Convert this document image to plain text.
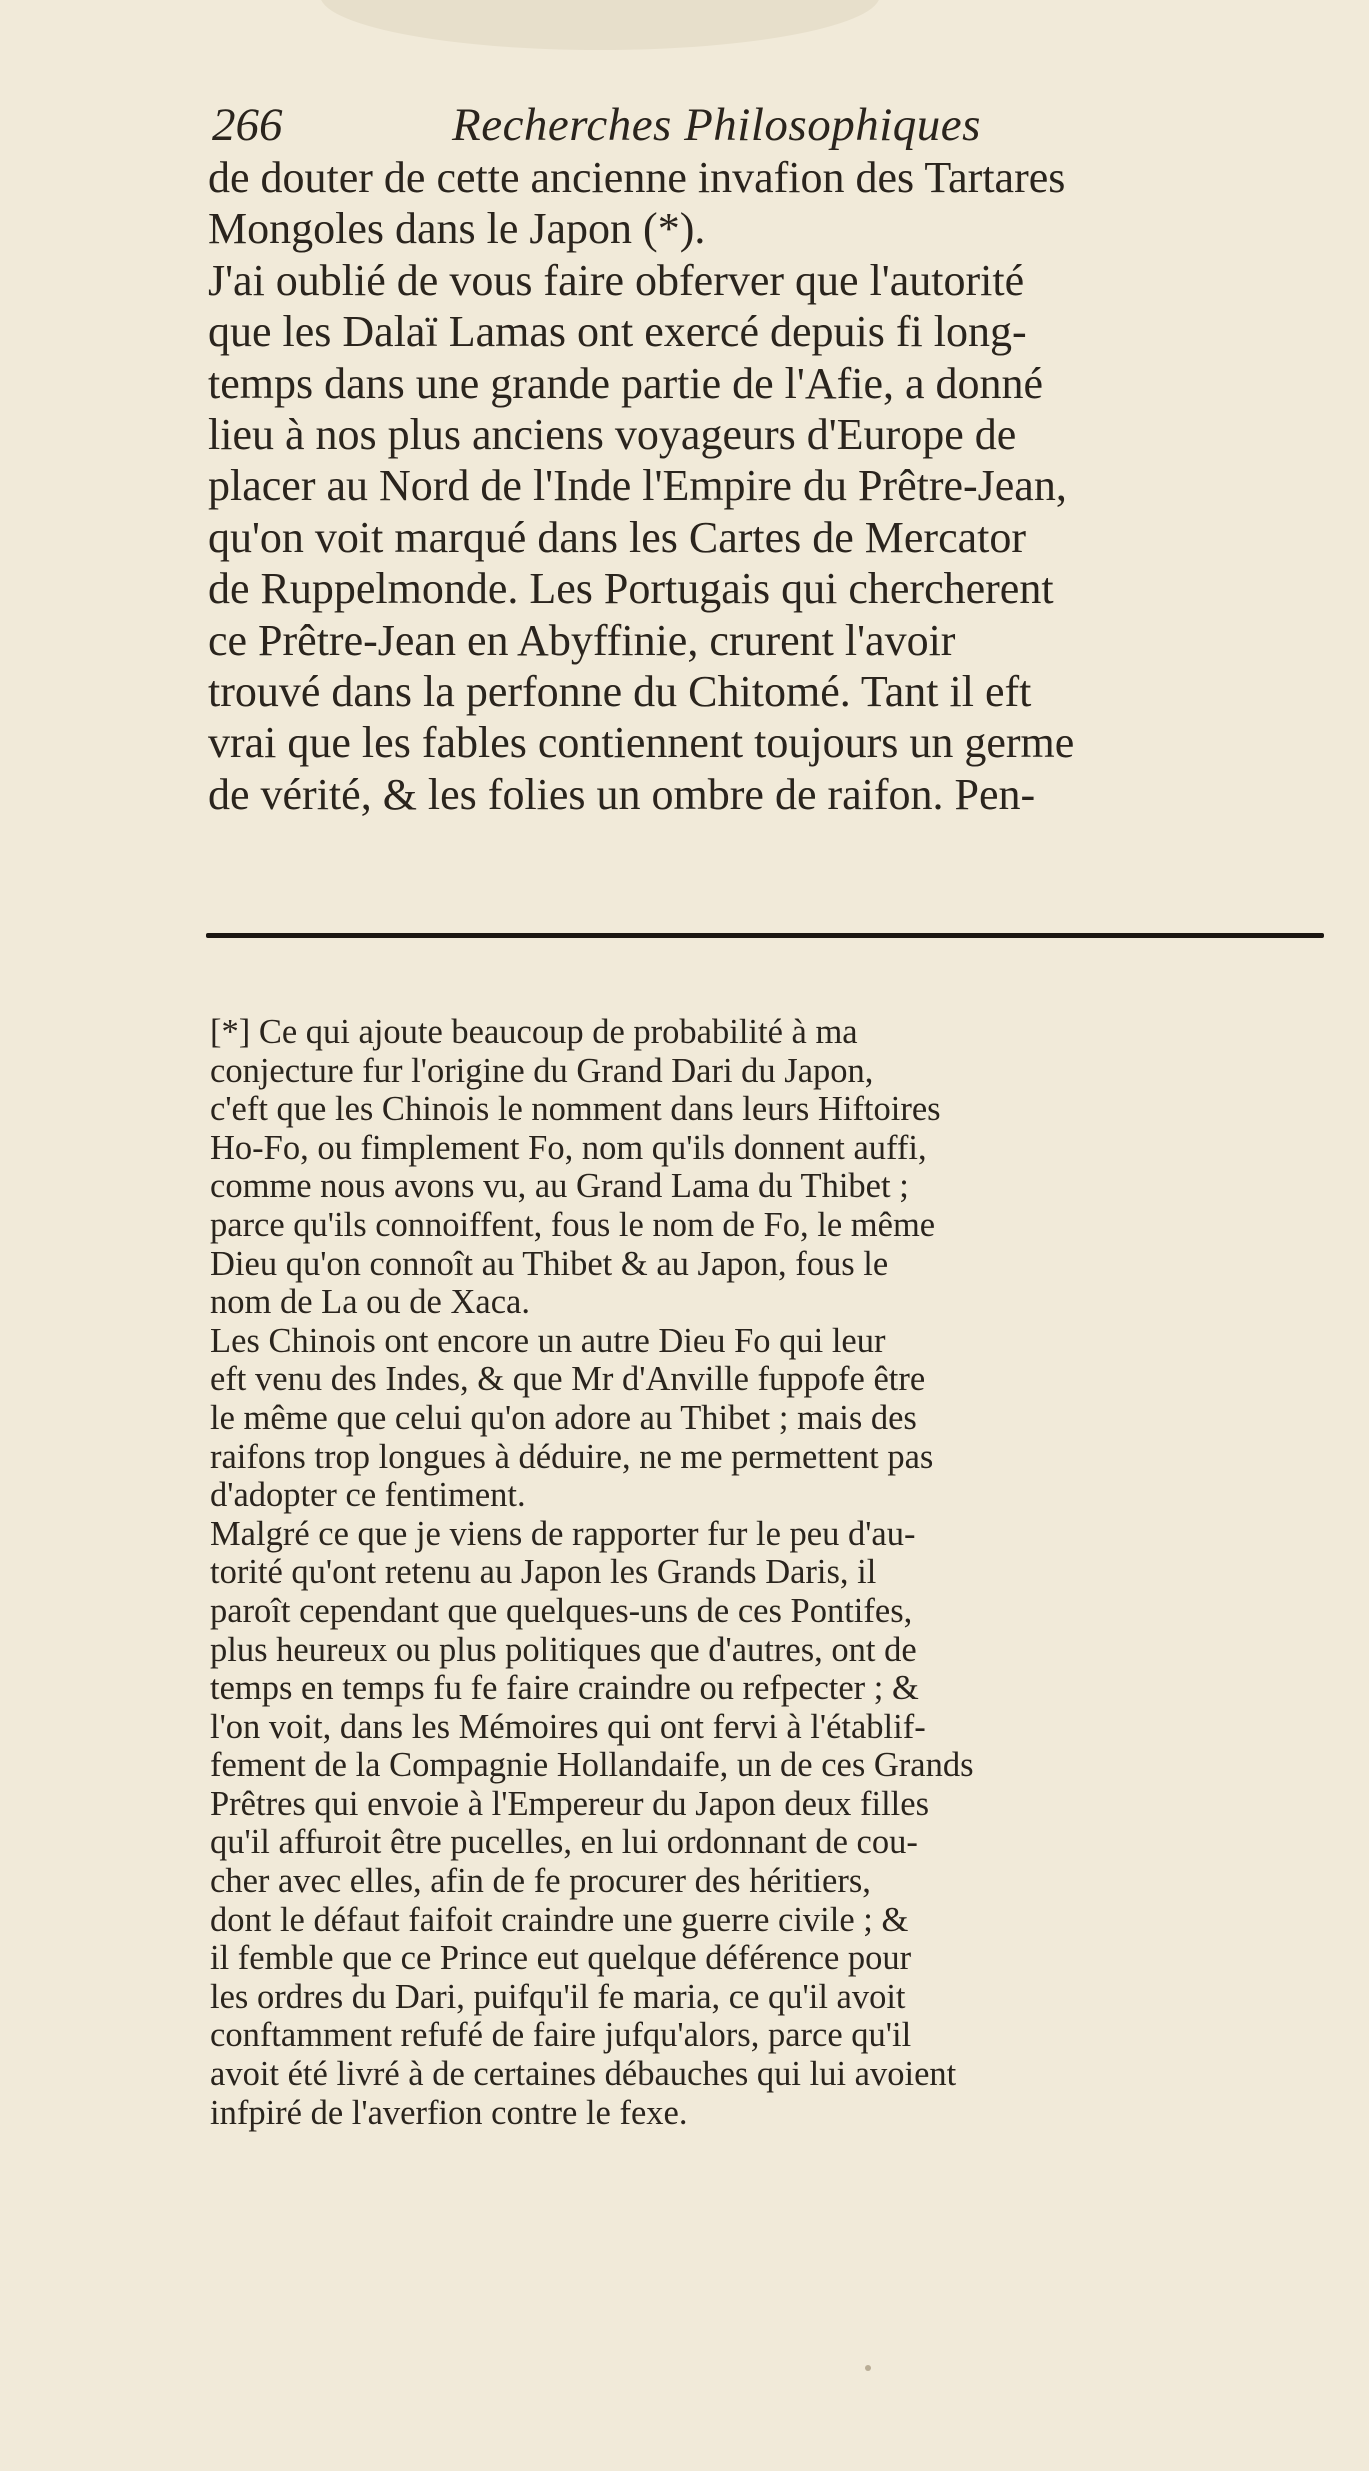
266	Recherches Philosophiques
de douter de cette ancienne invafion des Tartares
Mongoles dans le Japon (*).
J'ai oublié de vous faire obferver que l'autorité
que les Dalaï Lamas ont exercé depuis fi long-
temps dans une grande partie de l'Afie, a donné
lieu à nos plus anciens voyageurs d'Europe de
placer au Nord de l'Inde l'Empire du Prêtre-Jean,
qu'on voit marqué dans les Cartes de Mercator
de Ruppelmonde. Les Portugais qui chercherent
ce Prêtre-Jean en Abyffinie, crurent l'avoir
trouvé dans la perfonne du Chitomé. Tant il eft
vrai que les fables contiennent toujours un germe
de vérité, & les folies un ombre de raifon. Pen-
[*] Ce qui ajoute beaucoup de probabilité à ma
conjecture fur l'origine du Grand Dari du Japon,
c'eft que les Chinois le nomment dans leurs Hiftoires
Ho-Fo, ou fimplement Fo, nom qu'ils donnent auffi,
comme nous avons vu, au Grand Lama du Thibet ;
parce qu'ils connoiffent, fous le nom de Fo, le même
Dieu qu'on connoît au Thibet & au Japon, fous le
nom de La ou de Xaca.
Les Chinois ont encore un autre Dieu Fo qui leur
eft venu des Indes, & que Mr d'Anville fuppofe être
le même que celui qu'on adore au Thibet ; mais des
raifons trop longues à déduire, ne me permettent pas
d'adopter ce fentiment.
Malgré ce que je viens de rapporter fur le peu d'au-
torité qu'ont retenu au Japon les Grands Daris, il
paroît cependant que quelques-uns de ces Pontifes,
plus heureux ou plus politiques que d'autres, ont de
temps en temps fu fe faire craindre ou refpecter ; &
l'on voit, dans les Mémoires qui ont fervi à l'établif-
fement de la Compagnie Hollandaife, un de ces Grands
Prêtres qui envoie à l'Empereur du Japon deux filles
qu'il affuroit être pucelles, en lui ordonnant de cou-
cher avec elles, afin de fe procurer des héritiers,
dont le défaut faifoit craindre une guerre civile ; &
il femble que ce Prince eut quelque déférence pour
les ordres du Dari, puifqu'il fe maria, ce qu'il avoit
conftamment refufé de faire jufqu'alors, parce qu'il
avoit été livré à de certaines débauches qui lui avoient
infpiré de l'averfion contre le fexe.
